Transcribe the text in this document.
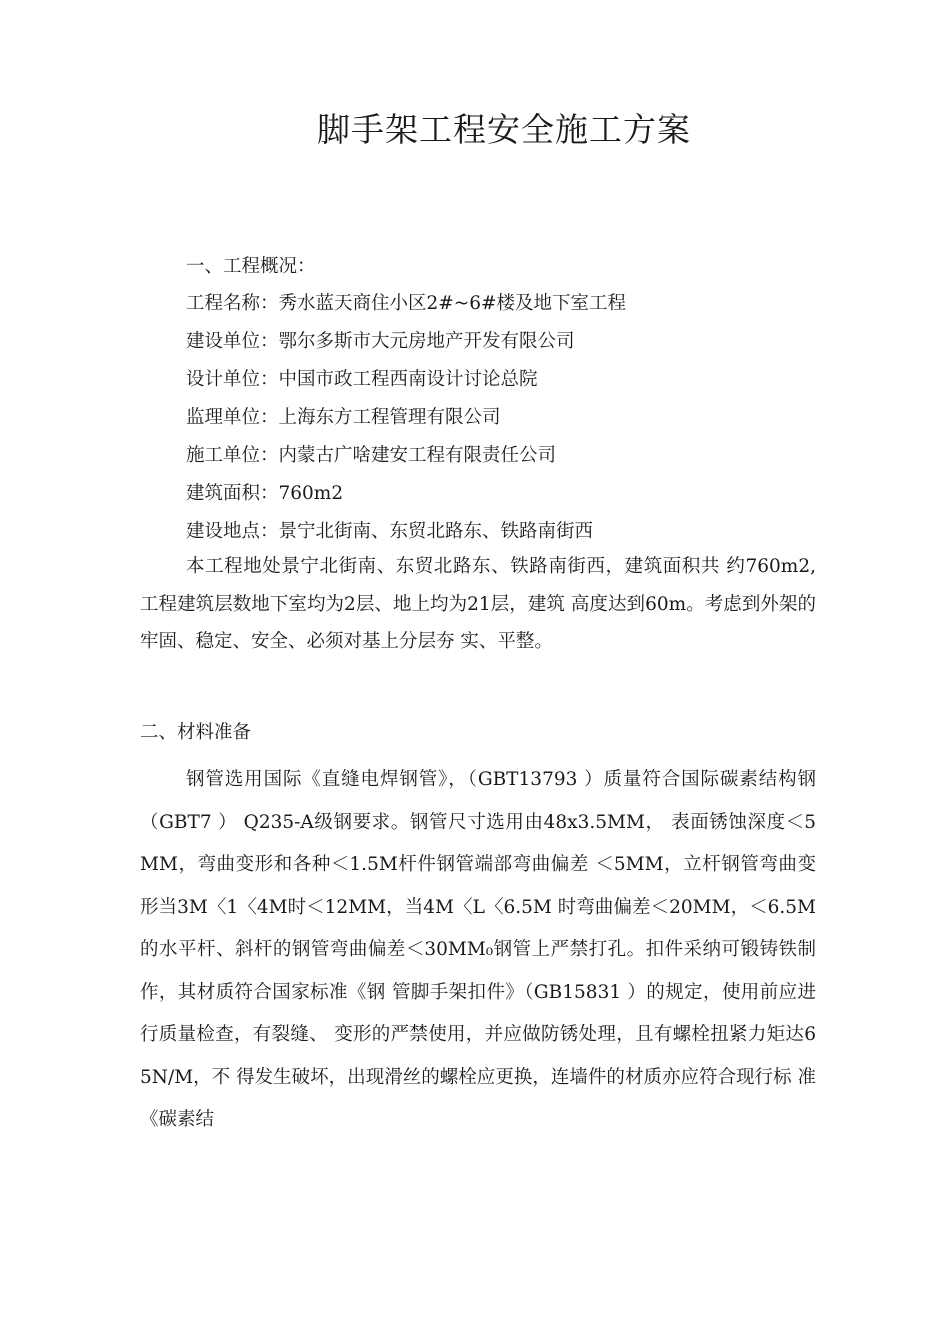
脚手架工程安全施工方案
一、工程概况：
工程名称：秀水蓝天商住小区2#~6#楼及地下室工程
建设单位：鄂尔多斯市大元房地产开发有限公司
设计单位：中国市政工程西南设计讨论总院
监理单位：上海东方工程管理有限公司
施工单位：内蒙古广啥建安工程有限责任公司
建筑面积：760m2
建设地点：景宁北街南、东贸北路东、铁路南街西

本工程地处景宁北街南、东贸北路东、铁路南街西，建筑面积共 约760m2,工程建筑层数地下室均为2层、地上均为21层，建筑 高度达到60m。考虑到外架的牢固、稳定、安全、必须对基上分层夯 实、平整。

二、材料准备

钢管选用国际《直缝电焊钢管》，（GBT13793 ）质量符合国际碳素结构钢（GBT7 ） Q235-A级钢要求。钢管尺寸选用由48x3.5MM， 表面锈蚀深度＜5MM，弯曲变形和各种＜1.5M杆件钢管端部弯曲偏差 ＜5MM，立杆钢管弯曲变形当3M〈1〈4M时＜12MM，当4M〈L〈6.5M 时弯曲偏差＜20MM，＜6.5M的水平杆、斜杆的钢管弯曲偏差＜30MM₀钢管上严禁打孔。扣件采纳可锻铸铁制作，其材质符合国家标准《钢 管脚手架扣件》（GB15831 ）的规定，使用前应进行质量检查，有裂缝、 变形的严禁使用，并应做防锈处理，且有螺栓扭紧力矩达65N/M，不 得发生破坏，出现滑丝的螺栓应更换，连墙件的材质亦应符合现行标 准《碳素结
